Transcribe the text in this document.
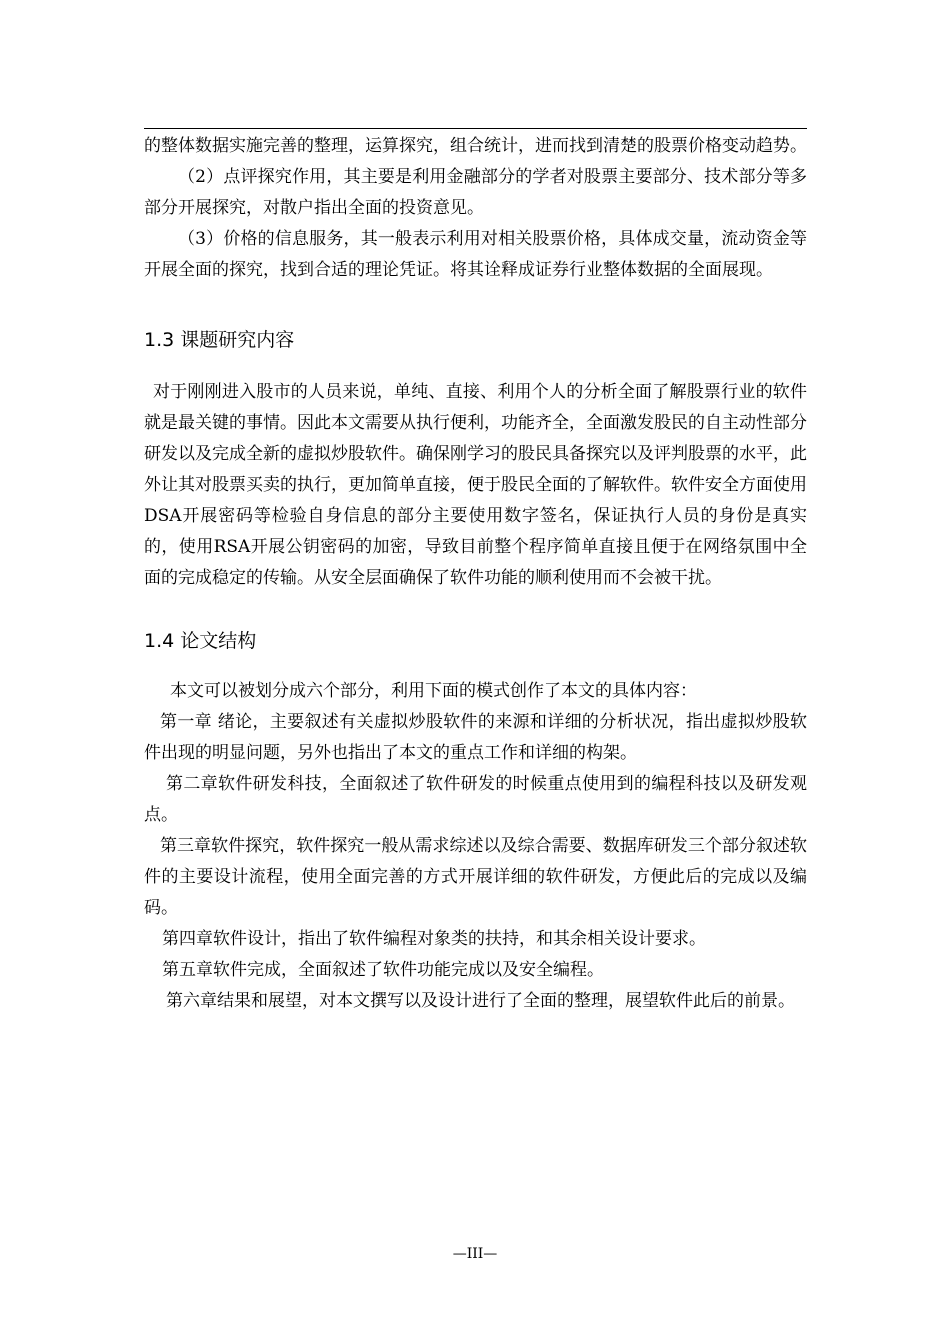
的整体数据实施完善的整理，运算探究，组合统计，进而找到清楚的股票价格变动趋势。

（2）点评探究作用，其主要是利用金融部分的学者对股票主要部分、技术部分等多部分开展探究，对散户指出全面的投资意见。

（3）价格的信息服务，其一般表示利用对相关股票价格，具体成交量，流动资金等开展全面的探究，找到合适的理论凭证。将其诠释成证券行业整体数据的全面展现。

1.3 课题研究内容

对于刚刚进入股市的人员来说，单纯、直接、利用个人的分析全面了解股票行业的软件就是最关键的事情。因此本文需要从执行便利，功能齐全，全面激发股民的自主动性部分研发以及完成全新的虚拟炒股软件。确保刚学习的股民具备探究以及评判股票的水平，此外让其对股票买卖的执行，更加简单直接，便于股民全面的了解软件。软件安全方面使用DSA开展密码等检验自身信息的部分主要使用数字签名，保证执行人员的身份是真实的，使用RSA开展公钥密码的加密，导致目前整个程序简单直接且便于在网络氛围中全面的完成稳定的传输。从安全层面确保了软件功能的顺利使用而不会被干扰。

1.4 论文结构

本文可以被划分成六个部分，利用下面的模式创作了本文的具体内容：

第一章 绪论，主要叙述有关虚拟炒股软件的来源和详细的分析状况，指出虚拟炒股软件出现的明显问题，另外也指出了本文的重点工作和详细的构架。

第二章软件研发科技，全面叙述了软件研发的时候重点使用到的编程科技以及研发观点。

第三章软件探究，软件探究一般从需求综述以及综合需要、数据库研发三个部分叙述软件的主要设计流程，使用全面完善的方式开展详细的软件研发，方便此后的完成以及编码。

第四章软件设计，指出了软件编程对象类的扶持，和其余相关设计要求。

第五章软件完成，全面叙述了软件功能完成以及安全编程。

第六章结果和展望，对本文撰写以及设计进行了全面的整理，展望软件此后的前景。

—III—
